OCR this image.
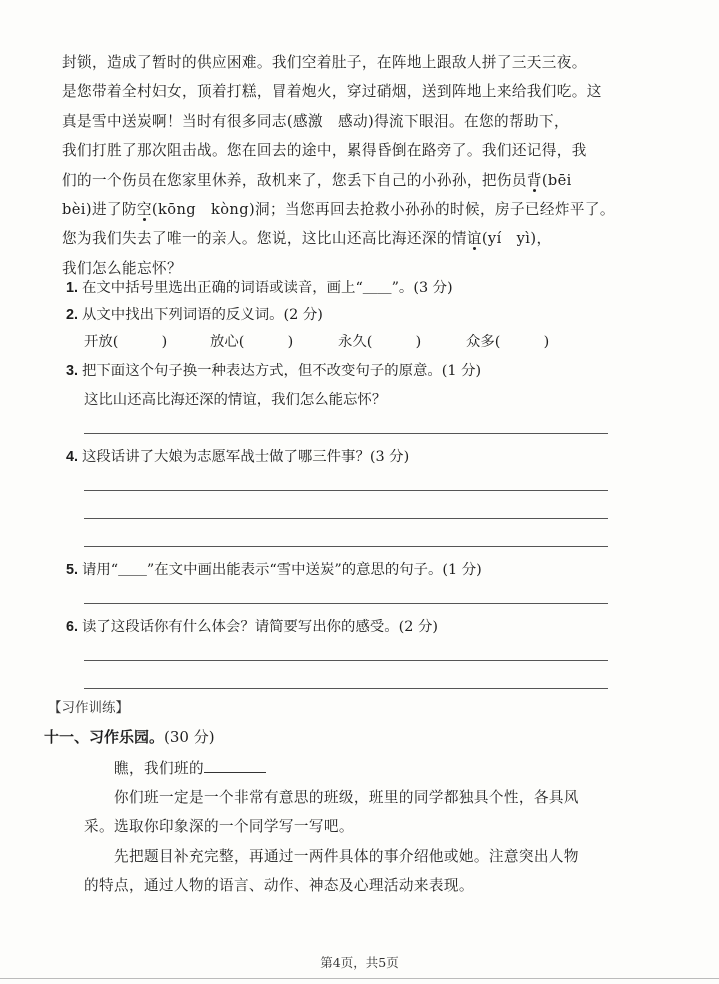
封锁，造成了暂时的供应困难。我们空着肚子，在阵地上跟敌人拼了三天三夜。

是您带着全村妇女，顶着打糕，冒着炮火，穿过硝烟，送到阵地上来给我们吃。这

真是雪中送炭啊！当时有很多同志(感激　感动)得流下眼泪。在您的帮助下，

我们打胜了那次阻击战。您在回去的途中，累得昏倒在路旁了。我们还记得，我

们的一个伤员在您家里休养，敌机来了，您丢下自己的小孙孙，把伤员背(bēi

bèi)进了防空(kōng　kòng)洞；当您再回去抢救小孙孙的时候，房子已经炸平了。

您为我们失去了唯一的亲人。您说，这比山还高比海还深的情谊(yí　yì)，

我们怎么能忘怀？

1. 在文中括号里选出正确的词语或读音，画上“＿＿”。(3 分)
2. 从文中找出下列词语的反义词。(2 分)
开放(　　　)	放心(　　　)	永久(　　　)	众多(　　　)
3. 把下面这个句子换一种表达方式，但不改变句子的原意。(1 分)
这比山还高比海还深的情谊，我们怎么能忘怀？
4. 这段话讲了大娘为志愿军战士做了哪三件事？(3 分)
5. 请用“＿＿”在文中画出能表示“雪中送炭”的意思的句子。(1 分)
6. 读了这段话你有什么体会？请简要写出你的感受。(2 分)
【习作训练】
十一、习作乐园。(30 分)
瞧，我们班的
你们班一定是一个非常有意思的班级，班里的同学都独具个性，各具风
采。选取你印象深的一个同学写一写吧。
先把题目补充完整，再通过一两件具体的事介绍他或她。注意突出人物
的特点，通过人物的语言、动作、神态及心理活动来表现。
第4页，共5页
